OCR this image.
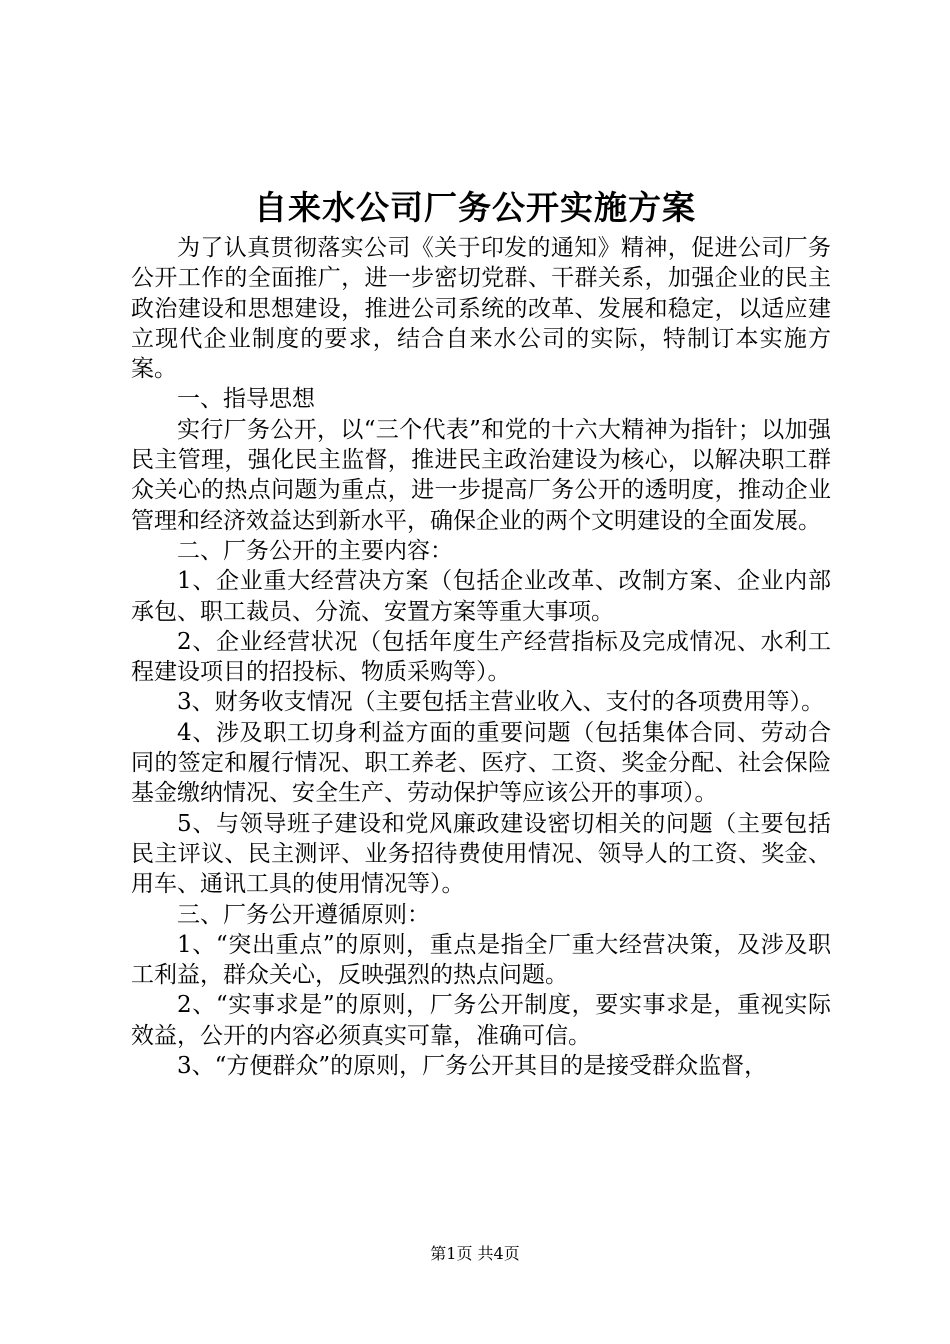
自来水公司厂务公开实施方案

为了认真贯彻落实公司《关于印发的通知》精神，促进公司厂务公开工作的全面推广，进一步密切党群、干群关系，加强企业的民主政治建设和思想建设，推进公司系统的改革、发展和稳定，以适应建立现代企业制度的要求，结合自来水公司的实际，特制订本实施方案。

一、指导思想

实行厂务公开，以“三个代表”和党的十六大精神为指针；以加强民主管理，强化民主监督，推进民主政治建设为核心，以解决职工群众关心的热点问题为重点，进一步提高厂务公开的透明度，推动企业管理和经济效益达到新水平，确保企业的两个文明建设的全面发展。

二、厂务公开的主要内容：

1、企业重大经营决方案（包括企业改革、改制方案、企业内部承包、职工裁员、分流、安置方案等重大事项。

2、企业经营状况（包括年度生产经营指标及完成情况、水利工程建设项目的招投标、物质采购等）。

3、财务收支情况（主要包括主营业收入、支付的各项费用等）。

4、涉及职工切身利益方面的重要问题（包括集体合同、劳动合同的签定和履行情况、职工养老、医疗、工资、奖金分配、社会保险基金缴纳情况、安全生产、劳动保护等应该公开的事项）。

5、与领导班子建设和党风廉政建设密切相关的问题（主要包括民主评议、民主测评、业务招待费使用情况、领导人的工资、奖金、用车、通讯工具的使用情况等）。

三、厂务公开遵循原则：

1、“突出重点”的原则，重点是指全厂重大经营决策，及涉及职工利益，群众关心，反映强烈的热点问题。

2、“实事求是”的原则，厂务公开制度，要实事求是，重视实际效益，公开的内容必须真实可靠，准确可信。

3、“方便群众”的原则，厂务公开其目的是接受群众监督，

第1页 共4页
